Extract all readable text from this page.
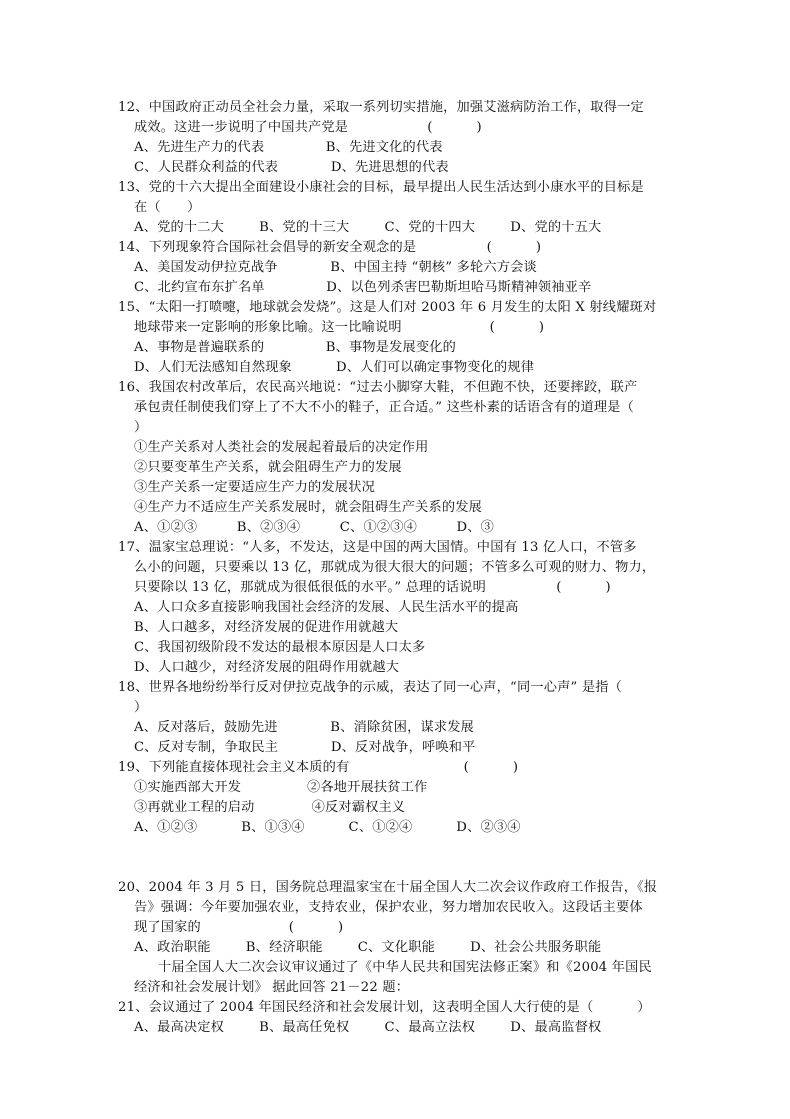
12、中国政府正动员全社会力量，采取一系列切实措施，加强艾滋病防治工作，取得一定
成效。这进一步说明了中国共产党是                  (          )
A、先进生产力的代表              B、先进文化的代表
C、人民群众利益的代表            D、先进思想的代表
13、党的十六大提出全面建设小康社会的目标，最早提出人民生活达到小康水平的目标是
在（      ）
A、党的十二大        B、党的十三大        C、党的十四大        D、党的十五大
14、下列现象符合国际社会倡导的新安全观念的是                (          )
A、美国发动伊拉克战争            B、中国主持 “朝核” 多轮六方会谈
C、北约宣布东扩名单              D、以色列杀害巴勒斯坦哈马斯精神领袖亚辛
15、“太阳一打喷嚏，地球就会发烧”。这是人们对 2003 年 6 月发生的太阳 X 射线耀斑对
地球带来一定影响的形象比喻。这一比喻说明                    (          )
A、事物是普遍联系的              B、事物是发展变化的
D、人们无法感知自然现象          D、人们可以确定事物变化的规律
16、我国农村改革后，农民高兴地说：“过去小脚穿大鞋，不但跑不快，还要摔跤，联产
承包责任制使我们穿上了不大不小的鞋子，正合适。” 这些朴素的话语含有的道理是（
）
①生产关系对人类社会的发展起着最后的决定作用
②只要变革生产关系，就会阻碍生产力的发展
③生产关系一定要适应生产力的发展状况
④生产力不适应生产关系发展时，就会阻碍生产关系的发展
A、①②③         B、②③④         C、①②③④         D、③
17、温家宝总理说：“人多，不发达，这是中国的两大国情。中国有 13 亿人口，不管多
么小的问题，只要乘以 13 亿，那就成为很大很大的问题；不管多么可观的财力、物力，
只要除以 13 亿，那就成为很低很低的水平。” 总理的话说明                (          )
A、人口众多直接影响我国社会经济的发展、人民生活水平的提高
B、人口越多，对经济发展的促进作用就越大
C、我国初级阶段不发达的最根本原因是人口太多
D、人口越少，对经济发展的阻碍作用就越大
18、世界各地纷纷举行反对伊拉克战争的示威，表达了同一心声，“同一心声” 是指（
）
A、反对落后，鼓励先进            B、消除贫困，谋求发展
C、反对专制，争取民主            D、反对战争，呼唤和平
19、下列能直接体现社会主义本质的有                          (          )
①实施西部大开发               ②各地开展扶贫工作
③再就业工程的启动             ④反对霸权主义
A、①②③          B、①③④          C、①②④          D、②③④
20、2004 年 3 月 5 日，国务院总理温家宝在十届全国人大二次会议作政府工作报告，《报
告》强调：今年要加强农业，支持农业，保护农业，努力增加农民收入。这段话主要体
现了国家的                    (          )
A、政治职能        B、经济职能        C、文化职能        D、社会公共服务职能
十届全国人大二次会议审议通过了《中华人民共和国宪法修正案》和《2004 年国民
经济和社会发展计划》 据此回答 21－22 题：
21、会议通过了 2004 年国民经济和社会发展计划，这表明全国人大行使的是（          ）
A、最高决定权        B、最高任免权        C、最高立法权        D、最高监督权
